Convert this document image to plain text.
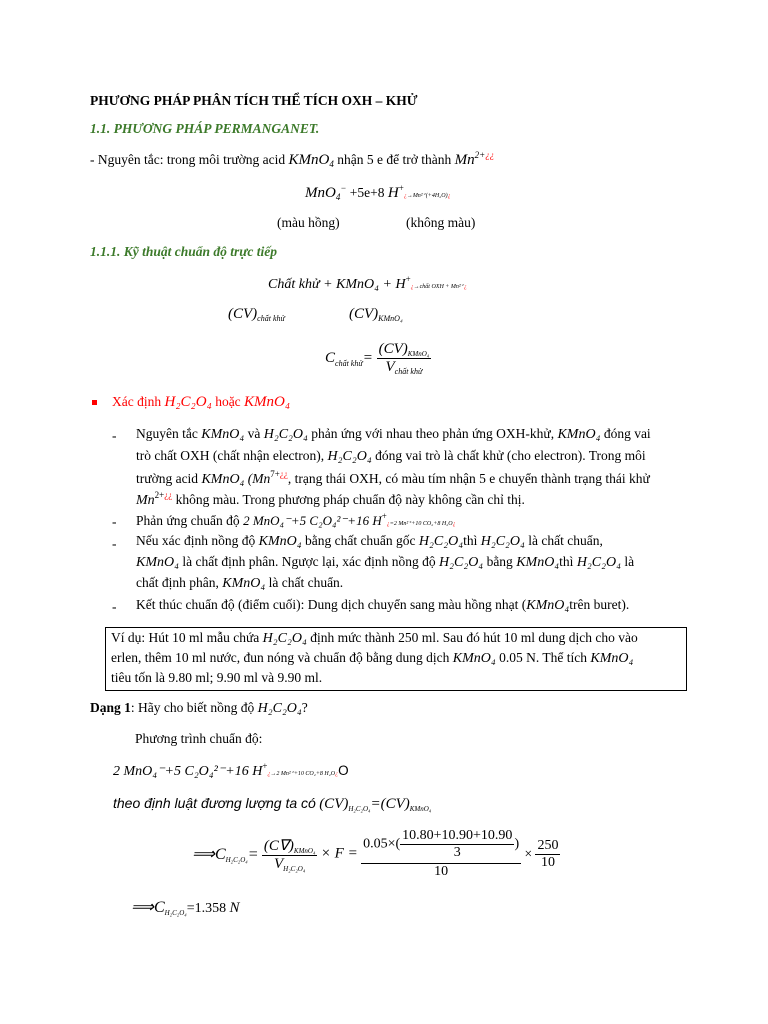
PHƯƠNG PHÁP PHÂN TÍCH THỂ TÍCH OXH – KHỬ
1.1. PHƯƠNG PHÁP PERMANGANET.
- Nguyên tắc: trong môi trường acid KMnO$_4$ nhận 5 e để trở thành $Mn^{2+¿¿}$
MnO$_4$− +5e+8 H+¿→Mn²⁺(+4H₂O)¿
(màu hồng)	(không màu)
1.1.1. Kỹ thuật chuẩn độ trực tiếp
Chất khử + KMnO₄ + H+¿→chất OXH + Mn²⁺¿
$(CV)_{chất khử}$	$(CV)_{KMnO_4}$
$C_{chất khử}= \frac{(CV)_{KMnO_4}}{V_{chất khử}}$
Xác định H₂C₂O₄ hoặc KMnO₄
- Nguyên tắc KMnO₄ và H₂C₂O₄ phản ứng với nhau theo phản ứng OXH-khử, KMnO₄ đóng vai
trò chất OXH (chất nhận electron), H₂C₂O₄ đóng vai trò là chất khử (cho electron). Trong môi
trường acid KMnO₄ ($Mn^{7+¿¿}$, trạng thái OXH, có màu tím nhận 5 e chuyển thành trạng thái khử
$Mn^{2+¿¿}$ không màu. Trong phương pháp chuẩn độ này không cần chỉ thị.
- Phản ứng chuẩn độ 2 MnO₄⁻+5 C₂O₄²⁻+16 H+¿=2 Mn²⁺+10 CO₂+8 H₂O¿
- Nếu xác định nồng độ KMnO₄ bằng chất chuẩn gốc H₂C₂O₄thì H₂C₂O₄ là chất chuẩn,
KMnO₄ là chất định phân. Ngược lại, xác định nồng độ H₂C₂O₄ bằng KMnO₄thì H₂C₂O₄ là
chất định phân, KMnO₄ là chất chuẩn.
- Kết thúc chuẩn độ (điểm cuối): Dung dịch chuyển sang màu hồng nhạt (KMnO₄trên buret).
Ví dụ: Hút 10 ml mẫu chứa H₂C₂O₄ định mức thành 250 ml. Sau đó hút 10 ml dung dịch cho vào
erlen, thêm 10 ml nước, đun nóng và chuẩn độ bằng dung dịch KMnO₄ 0.05 N. Thể tích KMnO₄
tiêu tốn là 9.80 ml; 9.90 ml và 9.90 ml.
Dạng 1: Hãy cho biết nồng độ H₂C₂O₄?
Phương trình chuẩn độ:
2 MnO₄⁻+5 C₂O₄²⁻+16 H+¿→2 Mn²⁺+10 CO₂+8 H₂O¿O
theo định luật đương lượng ta có $(CV)_{H_2C_2O_4}=(CV)_{KMnO_4}$
⟹CH₂C₂O₄= $\frac{(C\nabla)_{KMnO_4}}{V_{H_2C_2O_4}} \times F = \frac{0.05\times( \frac{10.80+10.90+10.90}{3} )}{10} \times \frac{250}{10}$
$⟹C_{H_2C_2O_4}=1.358$ N
